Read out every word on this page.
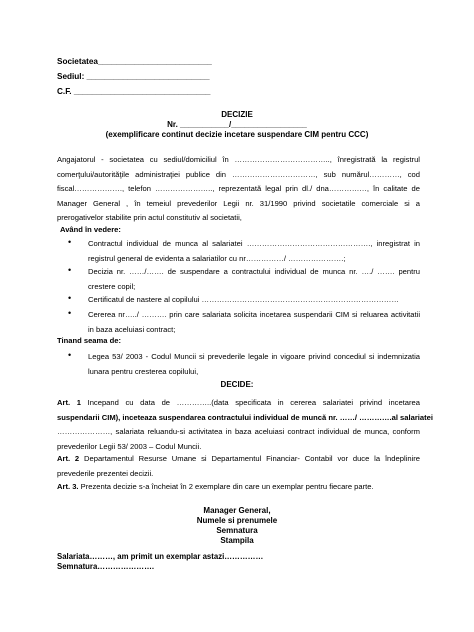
Societatea_________________________
Sediul: ___________________________
C.F. ______________________________
DECIZIE
Nr. ___________/_________________
(exemplificare continut decizie incetare suspendare CIM pentru CCC)
Angajatorul - societatea cu sediul/domiciliul în ……………………………….., înregistrată la registrul
comerţului/autorităţile administraţiei publice din ……………………………, sub numărul…………, cod
fiscal………………., telefon ………………….., reprezentată legal prin dl./ dna……………, în calitate de
Manager General , în temeiul prevederilor Legii nr. 31/1990 privind societatile comerciale si a
prerogativelor stabilite prin actul constitutiv al societatii,
Având în vedere:
•	Contractul individual de munca al salariatei …………………………………………., inregistrat in
registrul general de evidenta a salariatilor cu nr……………/ ………………….;
•	Decizia nr. ……/……. de suspendare a contractului individual de munca nr. …./ ……. pentru
crestere copil;
•	Certificatul de nastere al copilului ……………………………………………………………………
•	Cererea nr…../ ………. prin care salariata solicita incetarea suspendarii CIM si reluarea activitatii
in baza aceluiasi contract;
Tinand seama de:
•	Legea 53/ 2003 - Codul Muncii si prevederile legale in vigoare privind concediul si indemnizatia
lunara pentru cresterea copilului,
DECIDE:
Art. 1 Incepand cu data de …………..(data specificata in cererea salariatei privind incetarea
suspendarii CIM), inceteaza suspendarea contractului individual de muncă nr. ……/ ………….al salariatei
…………………, salariata reluandu-si activitatea in baza aceluiasi contract individual de munca, conform
prevederilor Legii 53/ 2003 – Codul Muncii.
Art. 2 Departamentul Resurse Umane si Departamentul Financiar- Contabil vor duce la îndeplinire
prevederile prezentei decizii.
Art. 3. Prezenta decizie s-a încheiat în 2 exemplare din care un exemplar pentru fiecare parte.
Manager General,
Numele si prenumele
Semnatura
Stampila
Salariata………, am primit un exemplar astazi……………
Semnatura………………….
